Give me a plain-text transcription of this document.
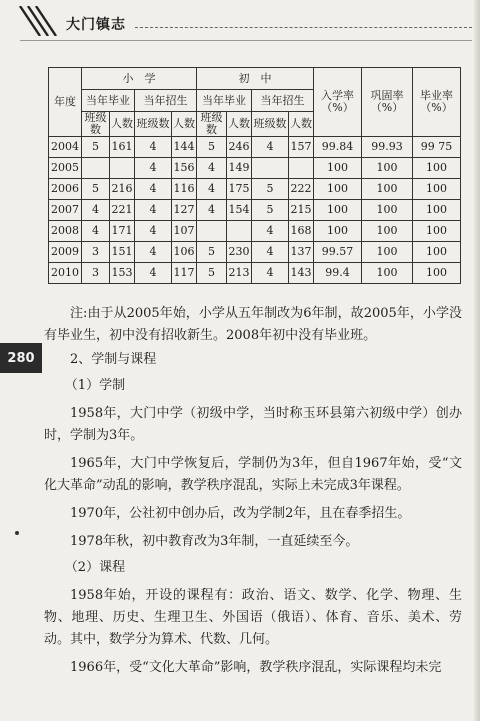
大门镇志
280
年度	小　学				初　中				入学率（%）	巩固率（%）	毕业率（%）
	当年毕业		当年招生		当年毕业		当年招生				
	班级数	人数	班级数	人数	班级数	人数	班级数	人数			
2004	5	161	4	144	5	246	4	157	99.84	99.93	99 75
2005			4	156	4	149			100	100	100
2006	5	216	4	116	4	175	5	222	100	100	100
2007	4	221	4	127	4	154	5	215	100	100	100
2008	4	171	4	107			4	168	100	100	100
2009	3	151	4	106	5	230	4	137	99.57	100	100
2010	3	153	4	117	5	213	4	143	99.4	100	100

注:由于从2005年始，小学从五年制改为6年制，故2005年，小学没有毕业生，初中没有招收新生。2008年初中没有毕业班。

2、学制与课程

（1）学制

1958年，大门中学（初级中学，当时称玉环县第六初级中学）创办时，学制为3年。

1965年，大门中学恢复后，学制仍为3年，但自1967年始，受“文化大革命”动乱的影响，教学秩序混乱，实际上未完成3年课程。

1970年，公社初中创办后，改为学制2年，且在春季招生。

1978年秋，初中教育改为3年制，一直延续至今。

（2）课程

1958年始，开设的课程有：政治、语文、数学、化学、物理、生物、地理、历史、生理卫生、外国语（俄语）、体育、音乐、美术、劳动。其中，数学分为算术、代数、几何。

1966年，受“文化大革命”影响，教学秩序混乱，实际课程均未完
